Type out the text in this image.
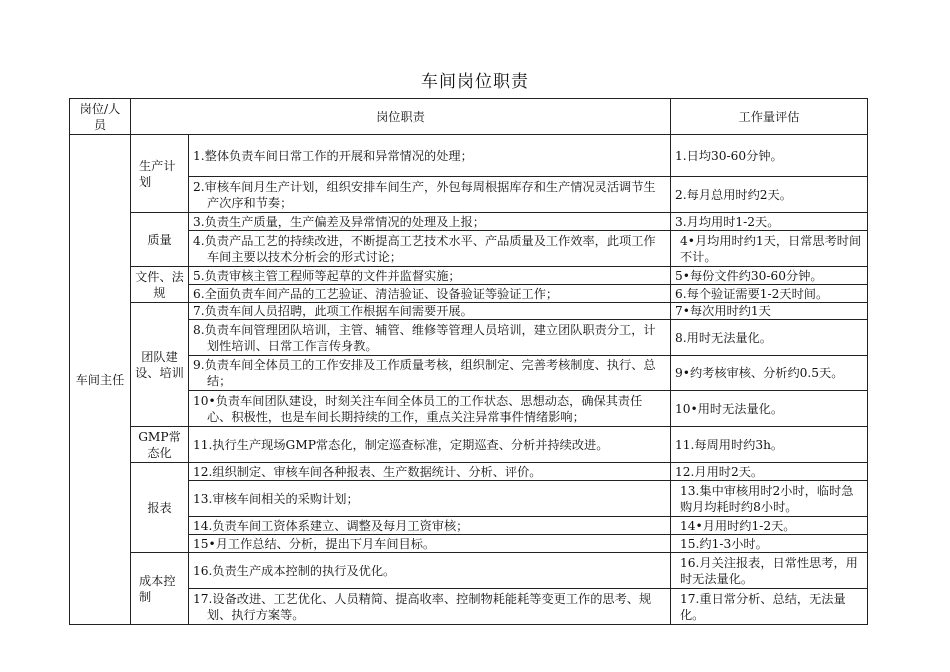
车间岗位职责
岗位/人员	岗位职责		工作量评估
车间主任	生产计划	1.整体负责车间日常工作的开展和异常情况的处理；	1.日均30-60分钟。

		2.审核车间月生产计划，组织安排车间生产，外包每周根据库存和生产情况灵活调节生产次序和节奏；	2.每月总用时约2天。
	质量	3.负责生产质量，生产偏差及异常情况的处理及上报；	3.月均用时1-2天。

		4.负责产品工艺的持续改进，不断提高工艺技术水平、产品质量及工作效率，此项工作车间主要以技术分析会的形式讨论；	4•月均用时约1天，日常思考时间不计。
	文件、法规	5.负责审核主管工程师等起草的文件并监督实施；	5•每份文件约30-60分钟。

		6.全面负责车间产品的工艺验证、清洁验证、设备验证等验证工作；	6.每个验证需要1-2天时间。
	团队建设、培训	7.负责车间人员招聘，此项工作根据车间需要开展。	7•每次用时约1天

		8.负责车间管理团队培训，主管、辅管、维修等管理人员培训，建立团队职责分工，计划性培训、日常工作言传身教。	8.用时无法量化。

		9.负责车间全体员工的工作安排及工作质量考核，组织制定、完善考核制度、执行、总结；	9•约考核审核、分析约0.5天。

		10•负责车间团队建设，时刻关注车间全体员工的工作状态、思想动态，确保其责任心、积极性，也是车间长期持续的工作，重点关注异常事件情绪影响；	10•用时无法量化。
	GMP常态化	11.执行生产现场GMP常态化，制定巡查标准，定期巡查、分析并持续改进。	11.每周用时约3h。
	报表	12.组织制定、审核车间各种报表、生产数据统计、分析、评价。	12.月用时2天。

		13.审核车间相关的采购计划；	13.集中审核用时2小时，临时急购月均耗时约8小时。

		14.负责车间工资体系建立、调整及每月工资审核；	14•月用时约1-2天。

		15•月工作总结、分析，提出下月车间目标。	15.约1-3小时。
	成本控制	16.负责生产成本控制的执行及优化。	16.月关注报表，日常性思考，用时无法量化。

		17.设备改进、工艺优化、人员精简、提高收率、控制物耗能耗等变更工作的思考、规划、执行方案等。	17.重日常分析、总结，无法量化。
